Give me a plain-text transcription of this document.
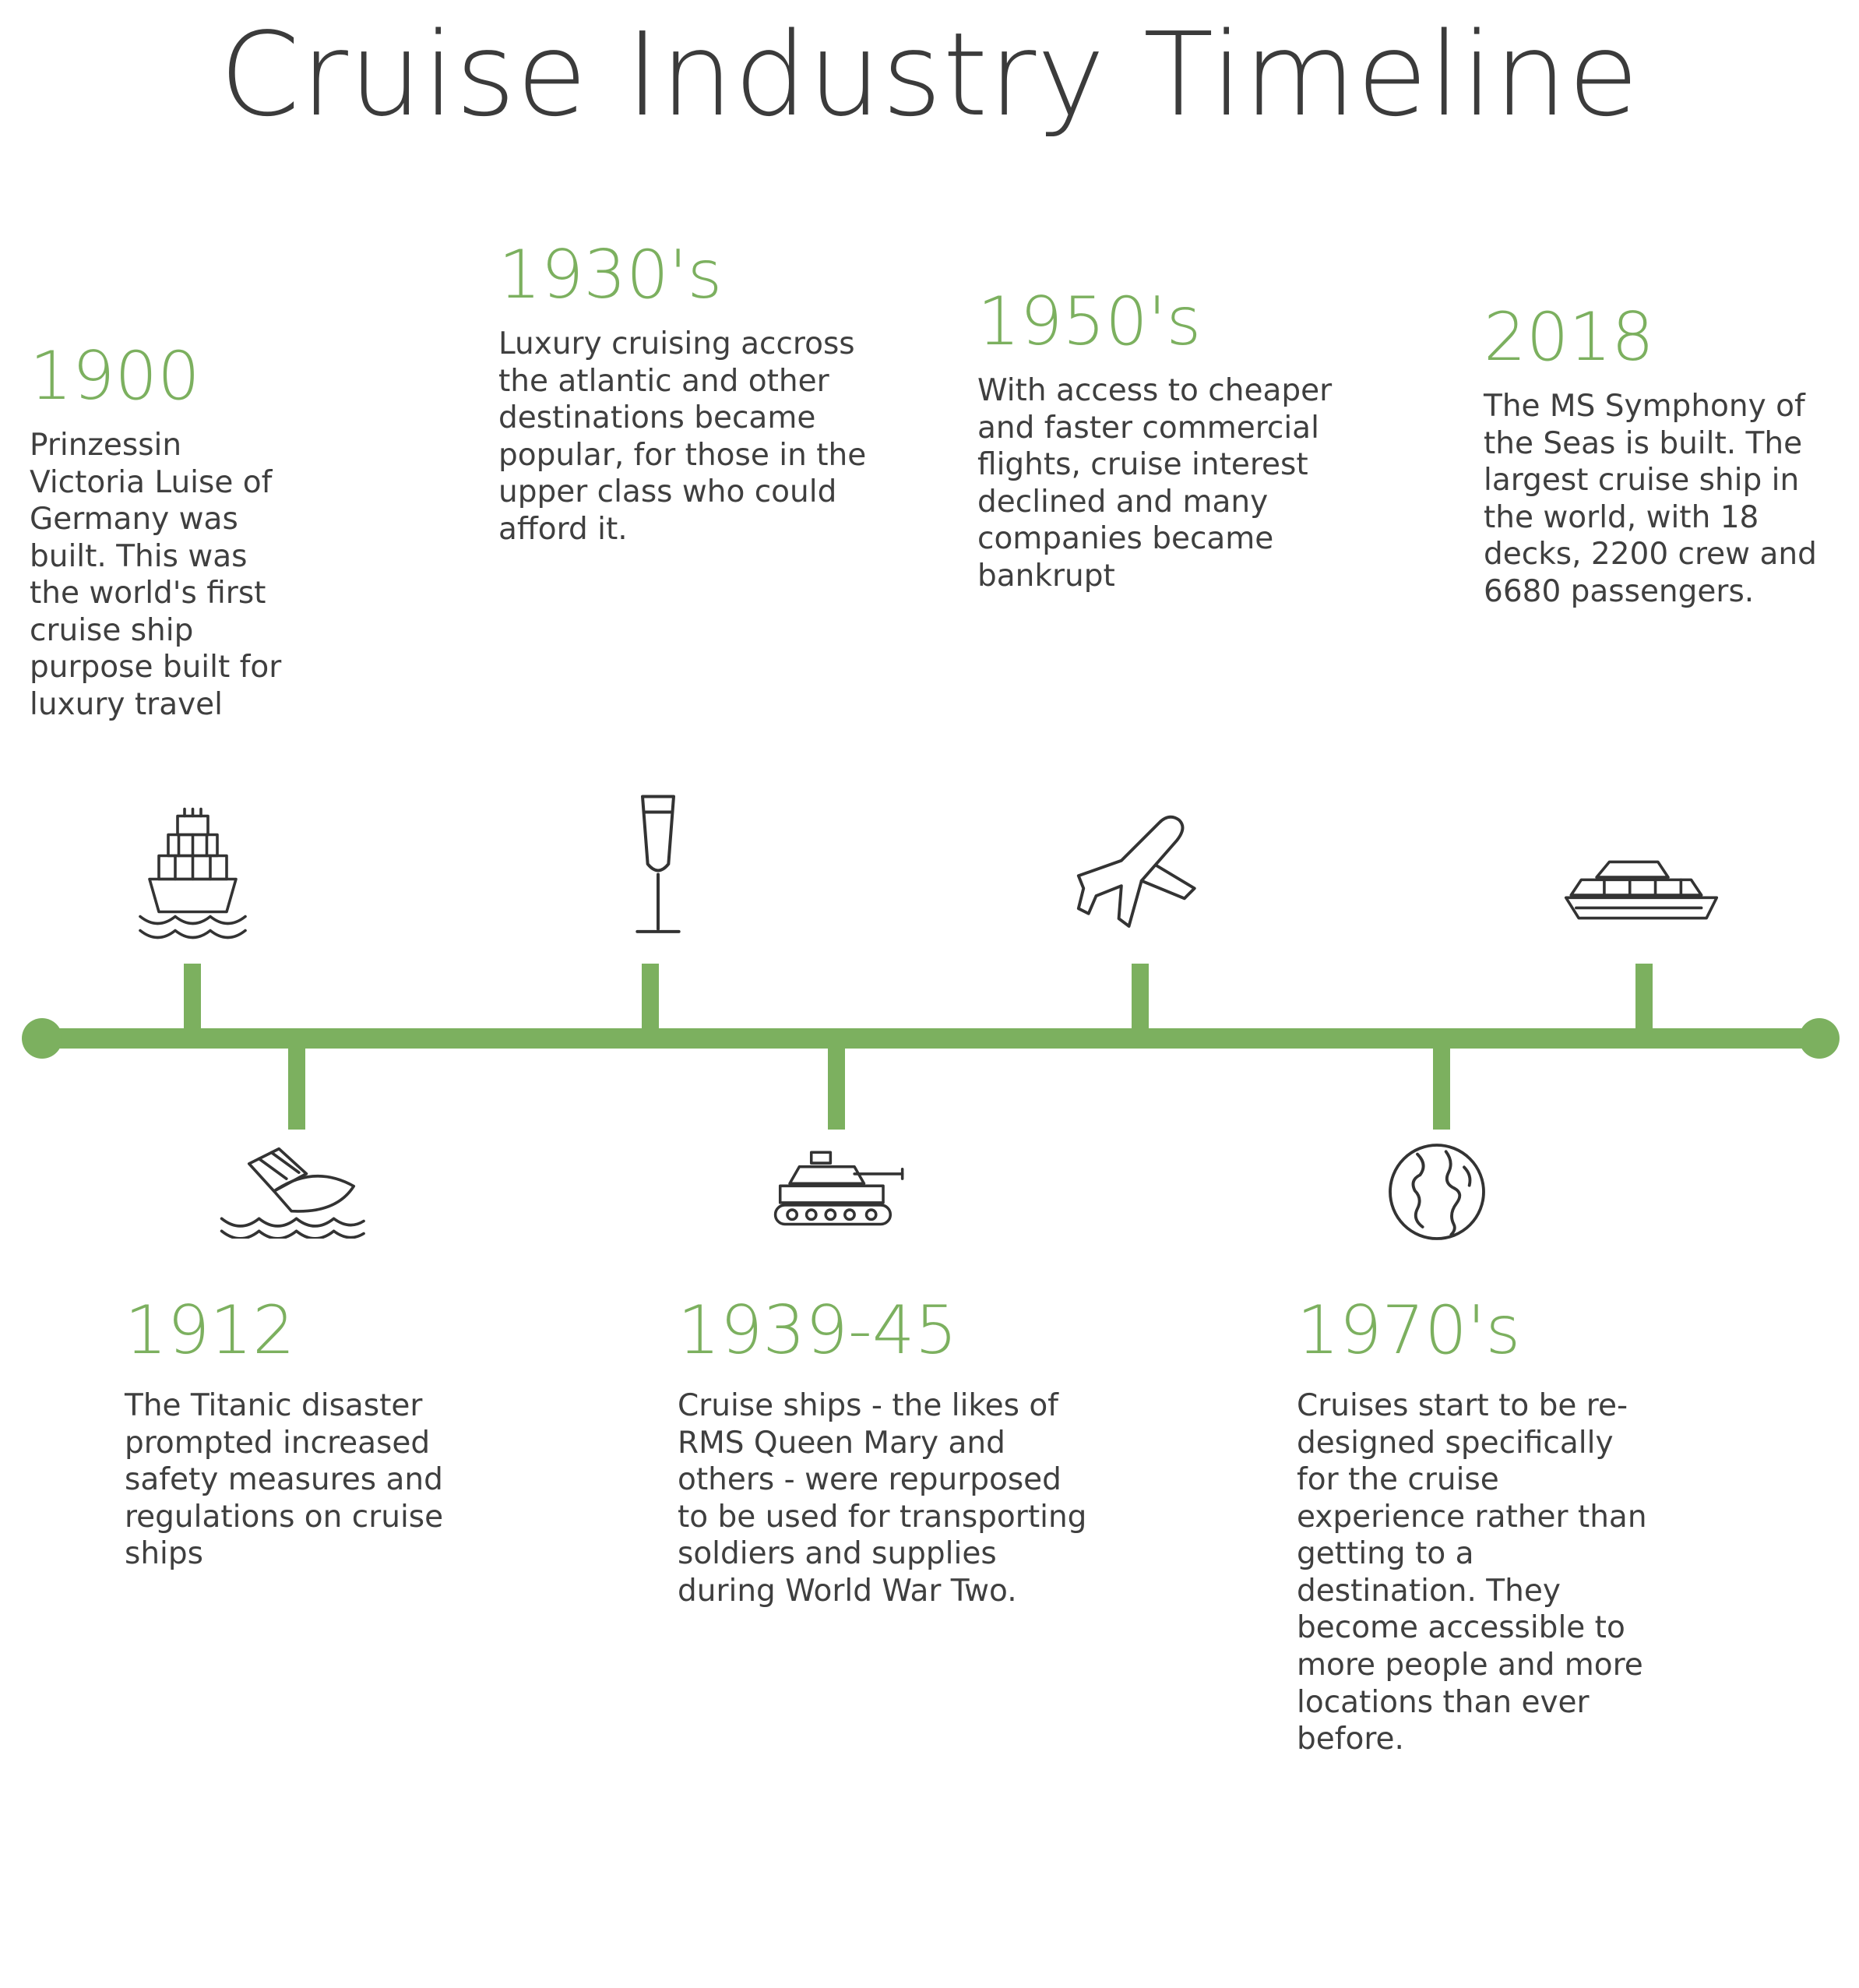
Cruise Industry Timeline
1900
Prinzessin Victoria Luise of Germany was built. This was the world's first cruise ship purpose built for luxury travel
1930's
Luxury cruising accross the atlantic and other destinations became popular, for those in the upper class who could afford it.
1950's
With access to cheaper and faster commercial flights, cruise interest declined and many companies became bankrupt
2018
The MS Symphony of the Seas is built. The largest cruise ship in the world, with 18 decks, 2200 crew and 6680 passengers.
1912
The Titanic disaster prompted increased safety measures and regulations on cruise ships
1939-45
Cruise ships - the likes of RMS Queen Mary and others - were repurposed to be used for transporting soldiers and supplies during World War Two.
1970's
Cruises start to be re-designed specifically for the cruise experience rather than getting to a destination. They become accessible to more people and more locations than ever before.
